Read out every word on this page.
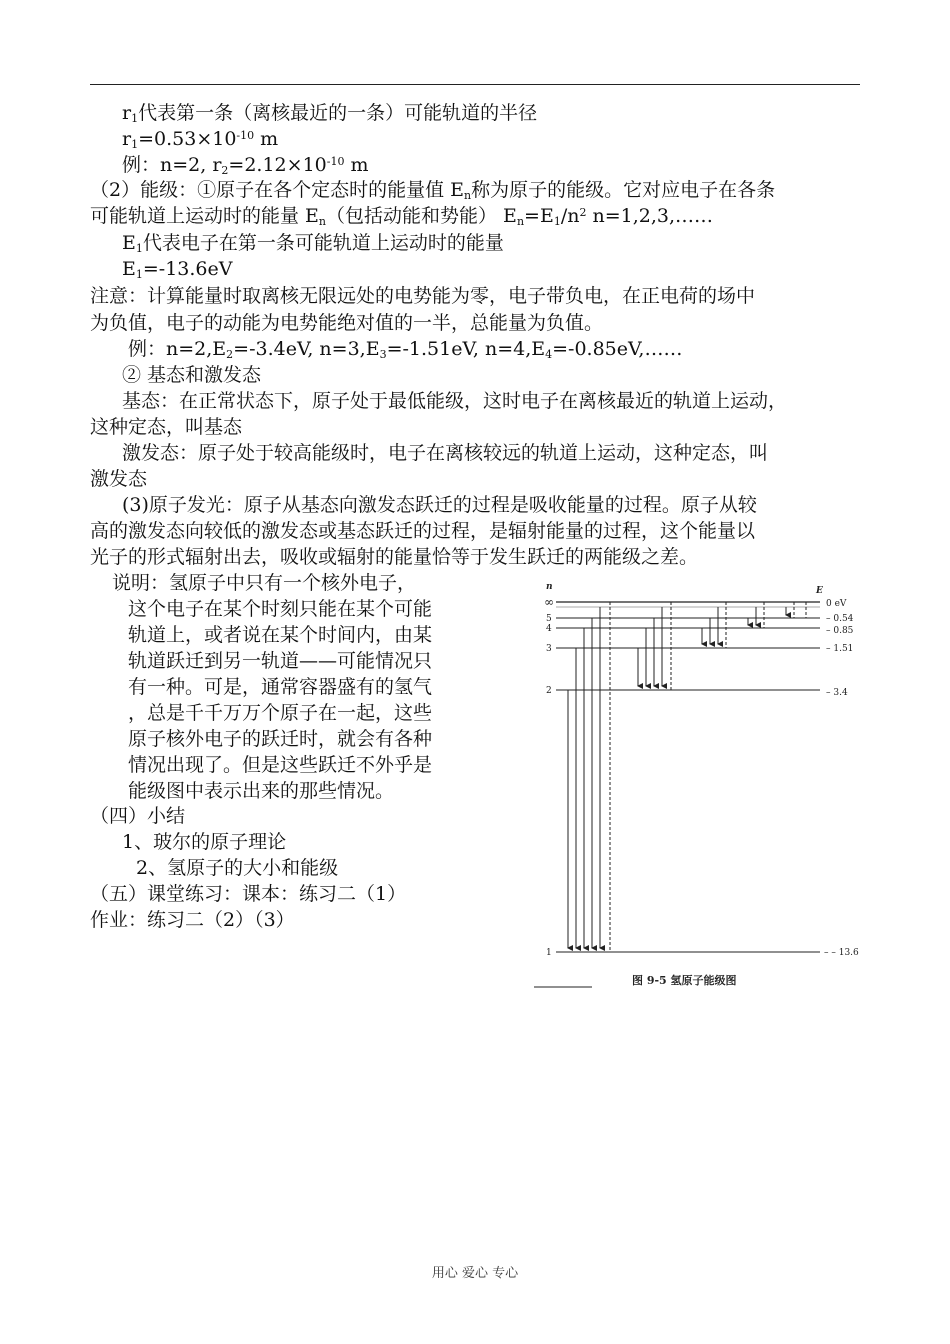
$r_1$代表第一条（离核最近的一条）可能轨道的半径
$r_1=0.53\times 10^{-10}$ m
例：n=2, $r_2=2.12\times 10^{-10}$ m
（2）能级：①原子在各个定态时的能量值 $E_n$称为原子的能级。它对应电子在各条
可能轨道上运动时的能量 $E_n$（包括动能和势能） $E_n=E_1/n^2$ n=1,2,3,……
$E_1$代表电子在第一条可能轨道上运动时的能量
$E_1=-13.6eV$
注意：计算能量时取离核无限远处的电势能为零，电子带负电，在正电荷的场中
为负值，电子的动能为电势能绝对值的一半，总能量为负值。
例：$n=2,E_2=-3.4eV$, $n=3,E_3=-1.51eV$, $n=4,E_4=-0.85eV,\dots\dots$
② 基态和激发态
基态：在正常状态下，原子处于最低能级，这时电子在离核最近的轨道上运动，
这种定态，叫基态
激发态：原子处于较高能级时，电子在离核较远的轨道上运动，这种定态，叫
激发态
(3)原子发光：原子从基态向激发态跃迁的过程是吸收能量的过程。原子从较
高的激发态向较低的激发态或基态跃迁的过程，是辐射能量的过程，这个能量以
光子的形式辐射出去，吸收或辐射的能量恰等于发生跃迁的两能级之差。
说明：氢原子中只有一个核外电子，
这个电子在某个时刻只能在某个可能
轨道上，或者说在某个时间内，由某
轨道跃迁到另一轨道——可能情况只
有一种。可是，通常容器盛有的氢气
，总是千千万万个原子在一起，这些
原子核外电子的跃迁时，就会有各种
情况出现了。但是这些跃迁不外乎是
能级图中表示出来的那些情况。
（四）小结
1、玻尔的原子理论
2、氢原子的大小和能级
（五）课堂练习：课本：练习二（1）
作业：练习二（2）（3）
n	E
∞
5
4
3
2
1
0 eV
– 0.54
– 0.85
– 1.51
– 3.4
– – 13.6
图 9-5 氢原子能级图
用心 爱心 专心
